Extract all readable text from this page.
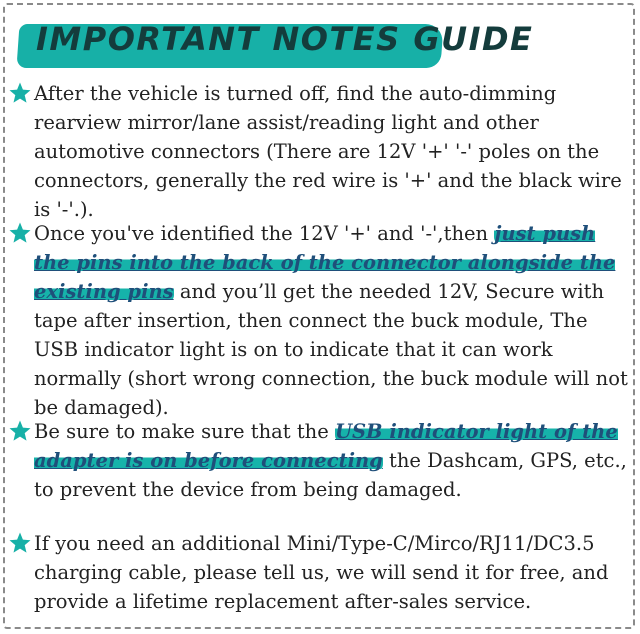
IMPORTANT NOTES GUIDE
After the vehicle is turned off, find the auto-dimming rearview mirror/lane assist/reading light and other automotive connectors (There are 12V '+' '-' poles on the connectors, generally the red wire is '+' and the black wire is '-'.).
Once you've identified the 12V '+' and '-',then just push the pins into the back of the connector alongside the existing pins and you’ll get the needed 12V, Secure with tape after insertion, then connect the buck module, The USB indicator light is on to indicate that it can work normally (short wrong connection, the buck module will not be damaged).
Be sure to make sure that the USB indicator light of the adapter is on before connecting the Dashcam, GPS, etc., to prevent the device from being damaged.
If you need an additional Mini/Type-C/Mirco/RJ11/DC3.5 charging cable, please tell us, we will send it for free, and provide a lifetime replacement after-sales service.
